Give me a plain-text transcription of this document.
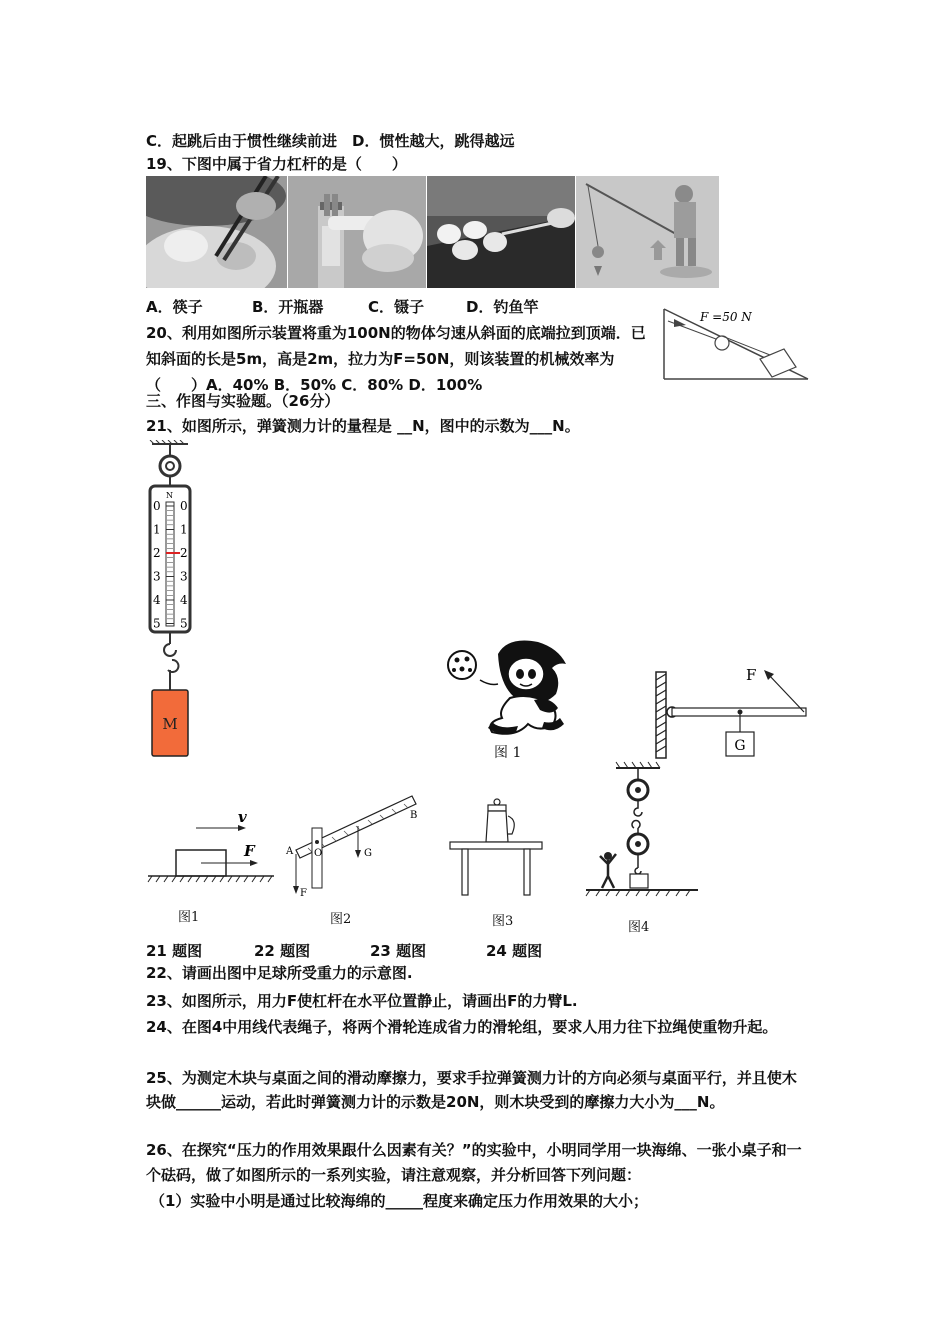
C．起跳后由于惯性继续前进　D．惯性越大，跳得越远
19、下图中属于省力杠杆的是（　　）
A．筷子	B．开瓶器	C．镊子	D．钓鱼竿
20、利用如图所示装置将重为100N的物体匀速从斜面的底端拉到顶端．已知斜面的长是5m，高是2m，拉力为F=50N，则该装置的机械效率为（　　）A．40% B．50% C．80% D．100%
F =50 N
三、作图与实验题。（26分）
21、如图所示，弹簧测力计的量程是 __N，图中的示数为___N。
N
0 0
1 1
2 2
3 3
4 4
5 5
M
图 1	G
F
v
F
图1
O
A
B
F
G
图2	图3	图4
21 题图	22 题图	23 题图	24 题图
22、请画出图中足球所受重力的示意图.
23、如图所示，用力F使杠杆在水平位置静止，请画出F的力臂L.
24、在图4中用线代表绳子，将两个滑轮连成省力的滑轮组，要求人用力往下拉绳使重物升起。
25、为测定木块与桌面之间的滑动摩擦力，要求手拉弹簧测力计的方向必须与桌面平行，并且使木块做______运动，若此时弹簧测力计的示数是20N，则木块受到的摩擦力大小为___N。
26、在探究“压力的作用效果跟什么因素有关？”的实验中，小明同学用一块海绵、一张小桌子和一个砝码，做了如图所示的一系列实验，请注意观察，并分析回答下列问题：
（1）实验中小明是通过比较海绵的_____程度来确定压力作用效果的大小；
